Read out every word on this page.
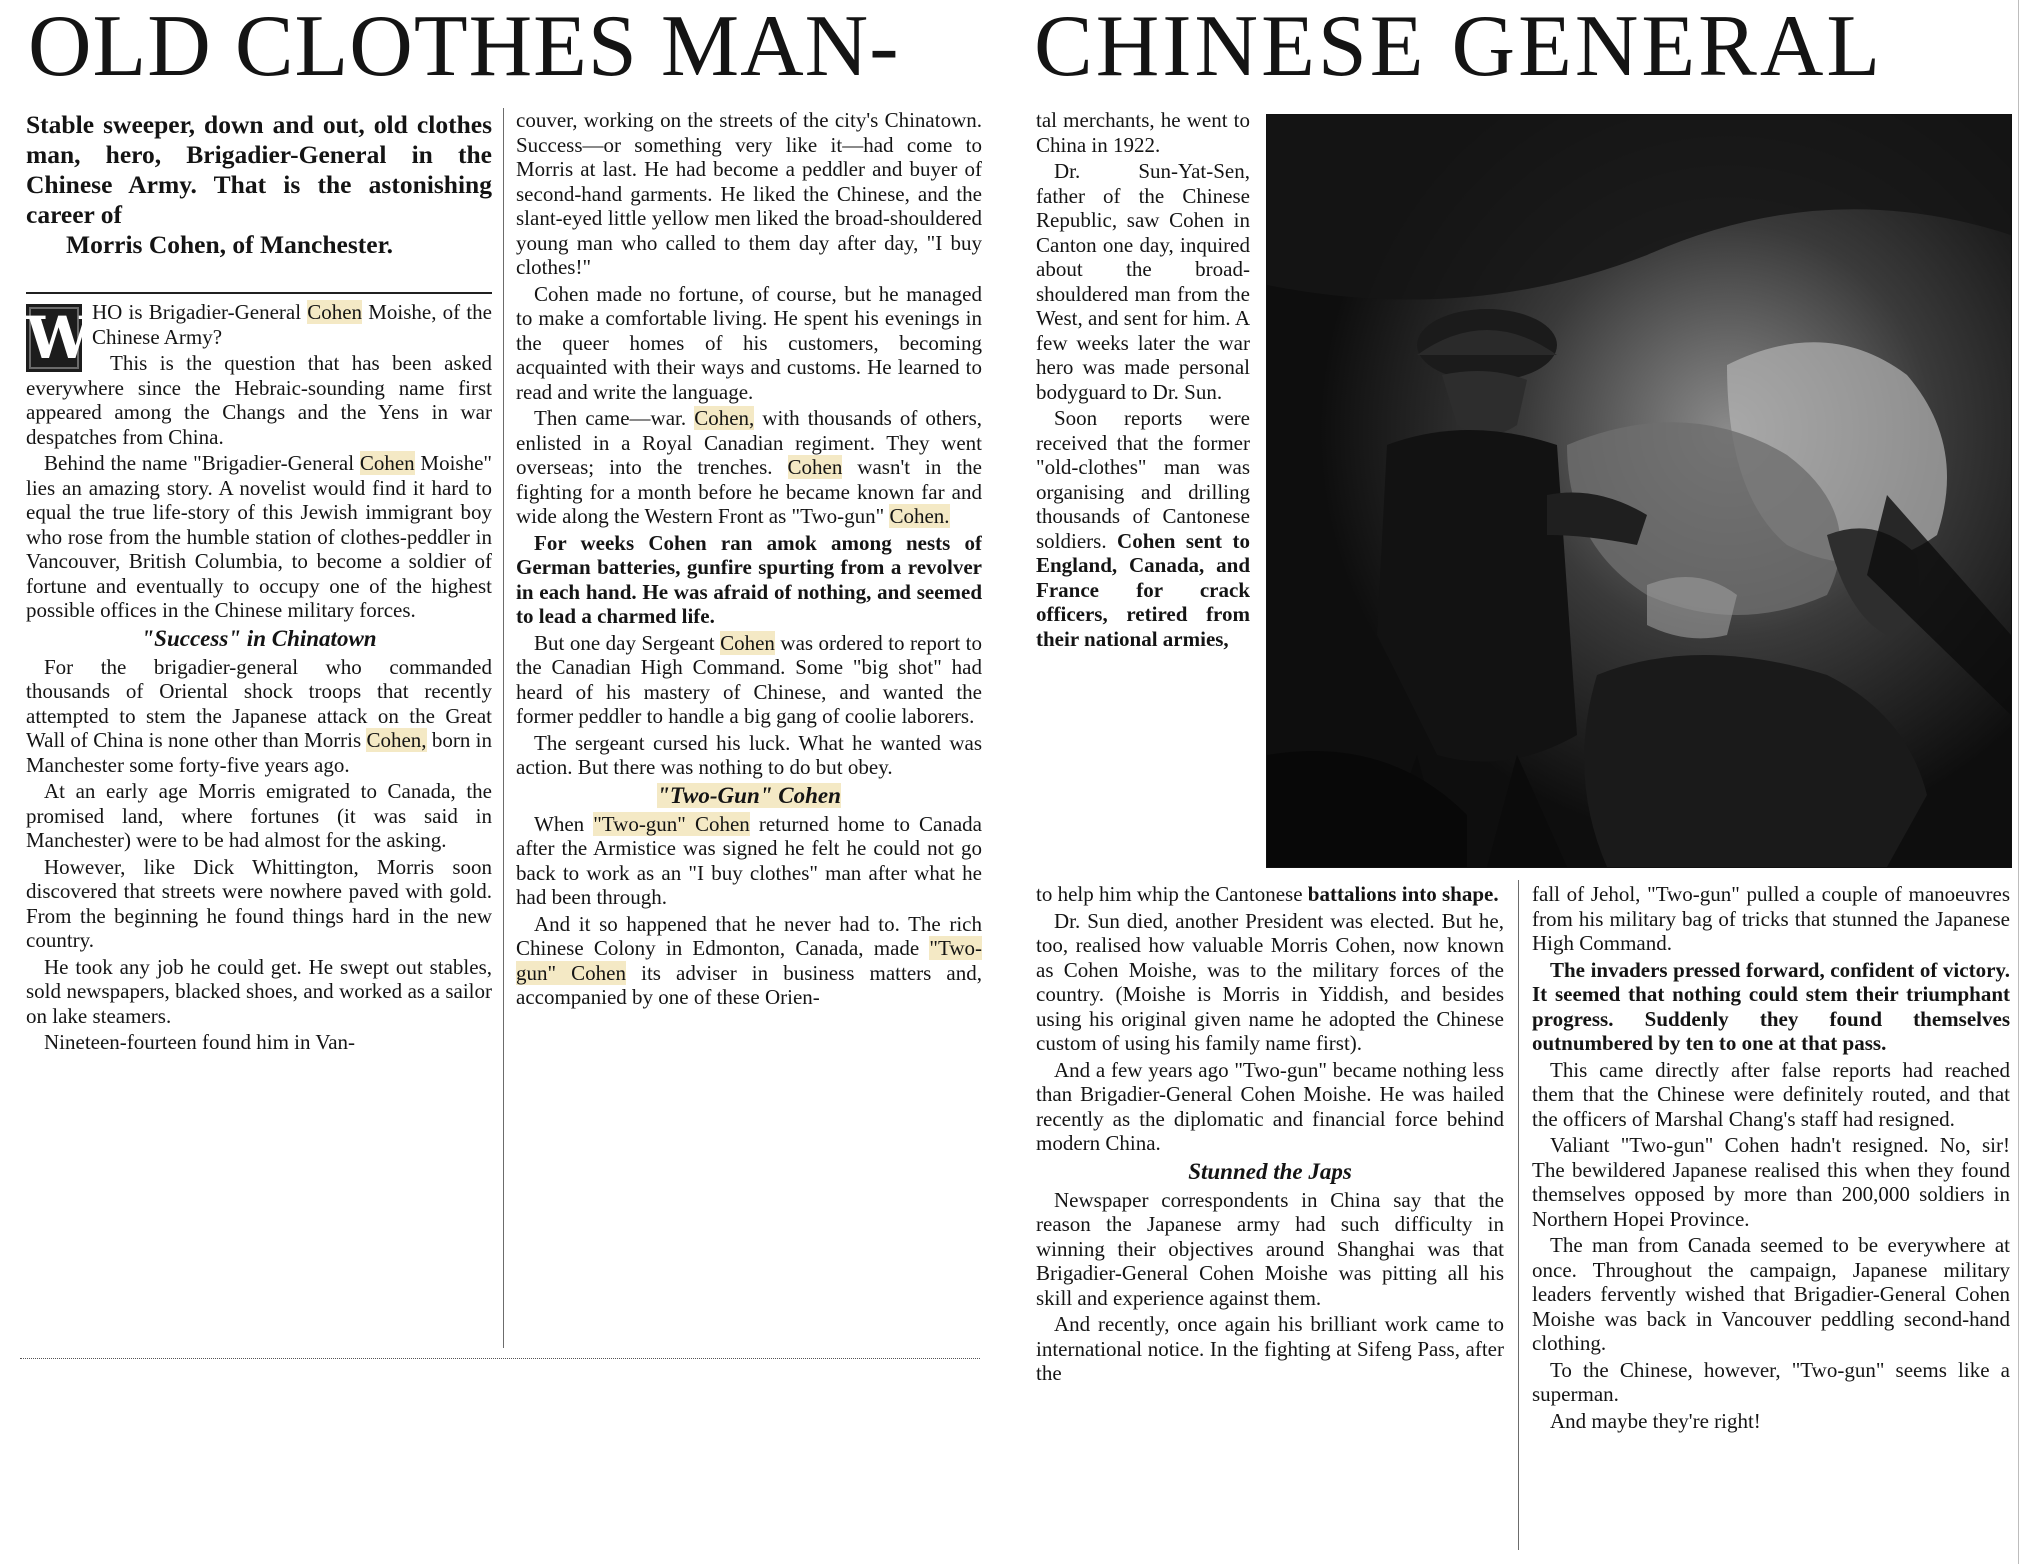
OLD CLOTHES MAN-
Stable sweeper, down and out, old clothes man, hero, Brigadier-General in the Chinese Army. That is the astonishing career of
Morris Cohen, of Manchester.

W HO is Brigadier-General Cohen Moishe, of the Chinese Army?

This is the question that has been asked everywhere since the Hebraic-sounding name first appeared among the Changs and the Yens in war despatches from China.

Behind the name "Brigadier-General Cohen Moishe" lies an amazing story. A novelist would find it hard to equal the true life-story of this Jewish immigrant boy who rose from the humble station of clothes-peddler in Vancouver, British Columbia, to become a soldier of fortune and eventually to occupy one of the highest possible offices in the Chinese military forces.

"Success" in Chinatown

For the brigadier-general who commanded thousands of Oriental shock troops that recently attempted to stem the Japanese attack on the Great Wall of China is none other than Morris Cohen, born in Manchester some forty-five years ago.

At an early age Morris emigrated to Canada, the promised land, where fortunes (it was said in Manchester) were to be had almost for the asking.

However, like Dick Whittington, Morris soon discovered that streets were nowhere paved with gold. From the beginning he found things hard in the new country.

He took any job he could get. He swept out stables, sold newspapers, blacked shoes, and worked as a sailor on lake steamers.

Nineteen-fourteen found him in Van-

couver, working on the streets of the city's Chinatown. Success—or something very like it—had come to Morris at last. He had become a peddler and buyer of second-hand garments. He liked the Chinese, and the slant-eyed little yellow men liked the broad-shouldered young man who called to them day after day, "I buy clothes!"

Cohen made no fortune, of course, but he managed to make a comfortable living. He spent his evenings in the queer homes of his customers, becoming acquainted with their ways and customs. He learned to read and write the language.

Then came—war. Cohen, with thousands of others, enlisted in a Royal Canadian regiment. They went overseas; into the trenches. Cohen wasn't in the fighting for a month before he became known far and wide along the Western Front as "Two-gun" Cohen.

For weeks Cohen ran amok among nests of German batteries, gunfire spurting from a revolver in each hand. He was afraid of nothing, and seemed to lead a charmed life.

But one day Sergeant Cohen was ordered to report to the Canadian High Command. Some "big shot" had heard of his mastery of Chinese, and wanted the former peddler to handle a big gang of coolie laborers.

The sergeant cursed his luck. What he wanted was action. But there was nothing to do but obey.

"Two-Gun" Cohen

When "Two-gun" Cohen returned home to Canada after the Armistice was signed he felt he could not go back to work as an "I buy clothes" man after what he had been through.

And it so happened that he never had to. The rich Chinese Colony in Edmonton, Canada, made "Two-gun" Cohen its adviser in business matters and, accompanied by one of these Orien-

CHINESE GENERAL

tal merchants, he went to China in 1922.

Dr. Sun-Yat-Sen, father of the Chinese Republic, saw Cohen in Canton one day, inquired about the broad-shouldered man from the West, and sent for him. A few weeks later the war hero was made personal bodyguard to Dr. Sun.

Soon reports were received that the former "old-clothes" man was organising and drilling thousands of Cantonese soldiers. Cohen sent to England, Canada, and France for crack officers, retired from their national armies,

to help him whip the Cantonese battalions into shape.

Dr. Sun died, another President was elected. But he, too, realised how valuable Morris Cohen, now known as Cohen Moishe, was to the military forces of the country. (Moishe is Morris in Yiddish, and besides using his original given name he adopted the Chinese custom of using his family name first).

And a few years ago "Two-gun" became nothing less than Brigadier-General Cohen Moishe. He was hailed recently as the diplomatic and financial force behind modern China.

Stunned the Japs

Newspaper correspondents in China say that the reason the Japanese army had such difficulty in winning their objectives around Shanghai was that Brigadier-General Cohen Moishe was pitting all his skill and experience against them.

And recently, once again his brilliant work came to international notice. In the fighting at Sifeng Pass, after the

fall of Jehol, "Two-gun" pulled a couple of manoeuvres from his military bag of tricks that stunned the Japanese High Command.

The invaders pressed forward, confident of victory. It seemed that nothing could stem their triumphant progress. Suddenly they found themselves outnumbered by ten to one at that pass.

This came directly after false reports had reached them that the Chinese were definitely routed, and that the officers of Marshal Chang's staff had resigned.

Valiant "Two-gun" Cohen hadn't resigned. No, sir! The bewildered Japanese realised this when they found themselves opposed by more than 200,000 soldiers in Northern Hopei Province.

The man from Canada seemed to be everywhere at once. Throughout the campaign, Japanese military leaders fervently wished that Brigadier-General Cohen Moishe was back in Vancouver peddling second-hand clothing.

To the Chinese, however, "Two-gun" seems like a superman.

And maybe they're right!
